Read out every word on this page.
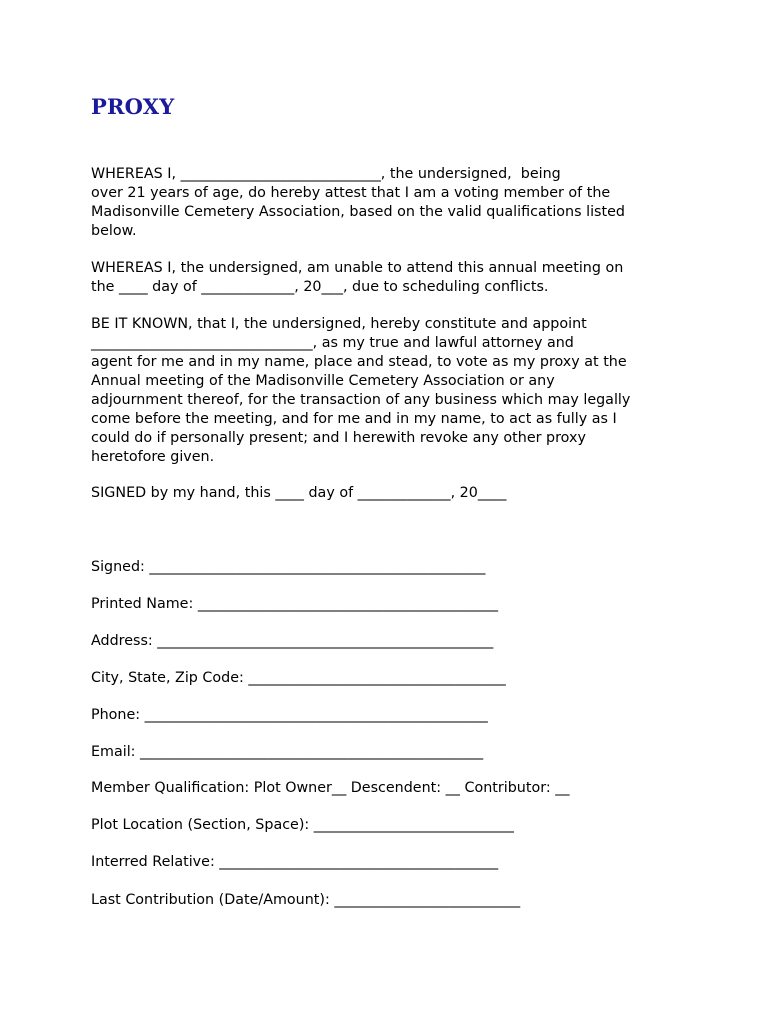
PROXY

WHEREAS I, ____________________________, the undersigned,  being
over 21 years of age, do hereby attest that I am a voting member of the
Madisonville Cemetery Association, based on the valid qualifications listed
below.

WHEREAS I, the undersigned, am unable to attend this annual meeting on
the ____ day of _____________, 20___, due to scheduling conflicts.

BE IT KNOWN, that I, the undersigned, hereby constitute and appoint
_______________________________, as my true and lawful attorney and
agent for me and in my name, place and stead, to vote as my proxy at the
Annual meeting of the Madisonville Cemetery Association or any
adjournment thereof, for the transaction of any business which may legally
come before the meeting, and for me and in my name, to act as fully as I
could do if personally present; and I herewith revoke any other proxy
heretofore given.

SIGNED by my hand, this ____ day of _____________, 20____

Signed: _______________________________________________

Printed Name: __________________________________________

Address: _______________________________________________

City, State, Zip Code: ____________________________________

Phone: ________________________________________________

Email: ________________________________________________

Member Qualification: Plot Owner__ Descendent: __ Contributor: __

Plot Location (Section, Space): ____________________________

Interred Relative: _______________________________________

Last Contribution (Date/Amount): __________________________
